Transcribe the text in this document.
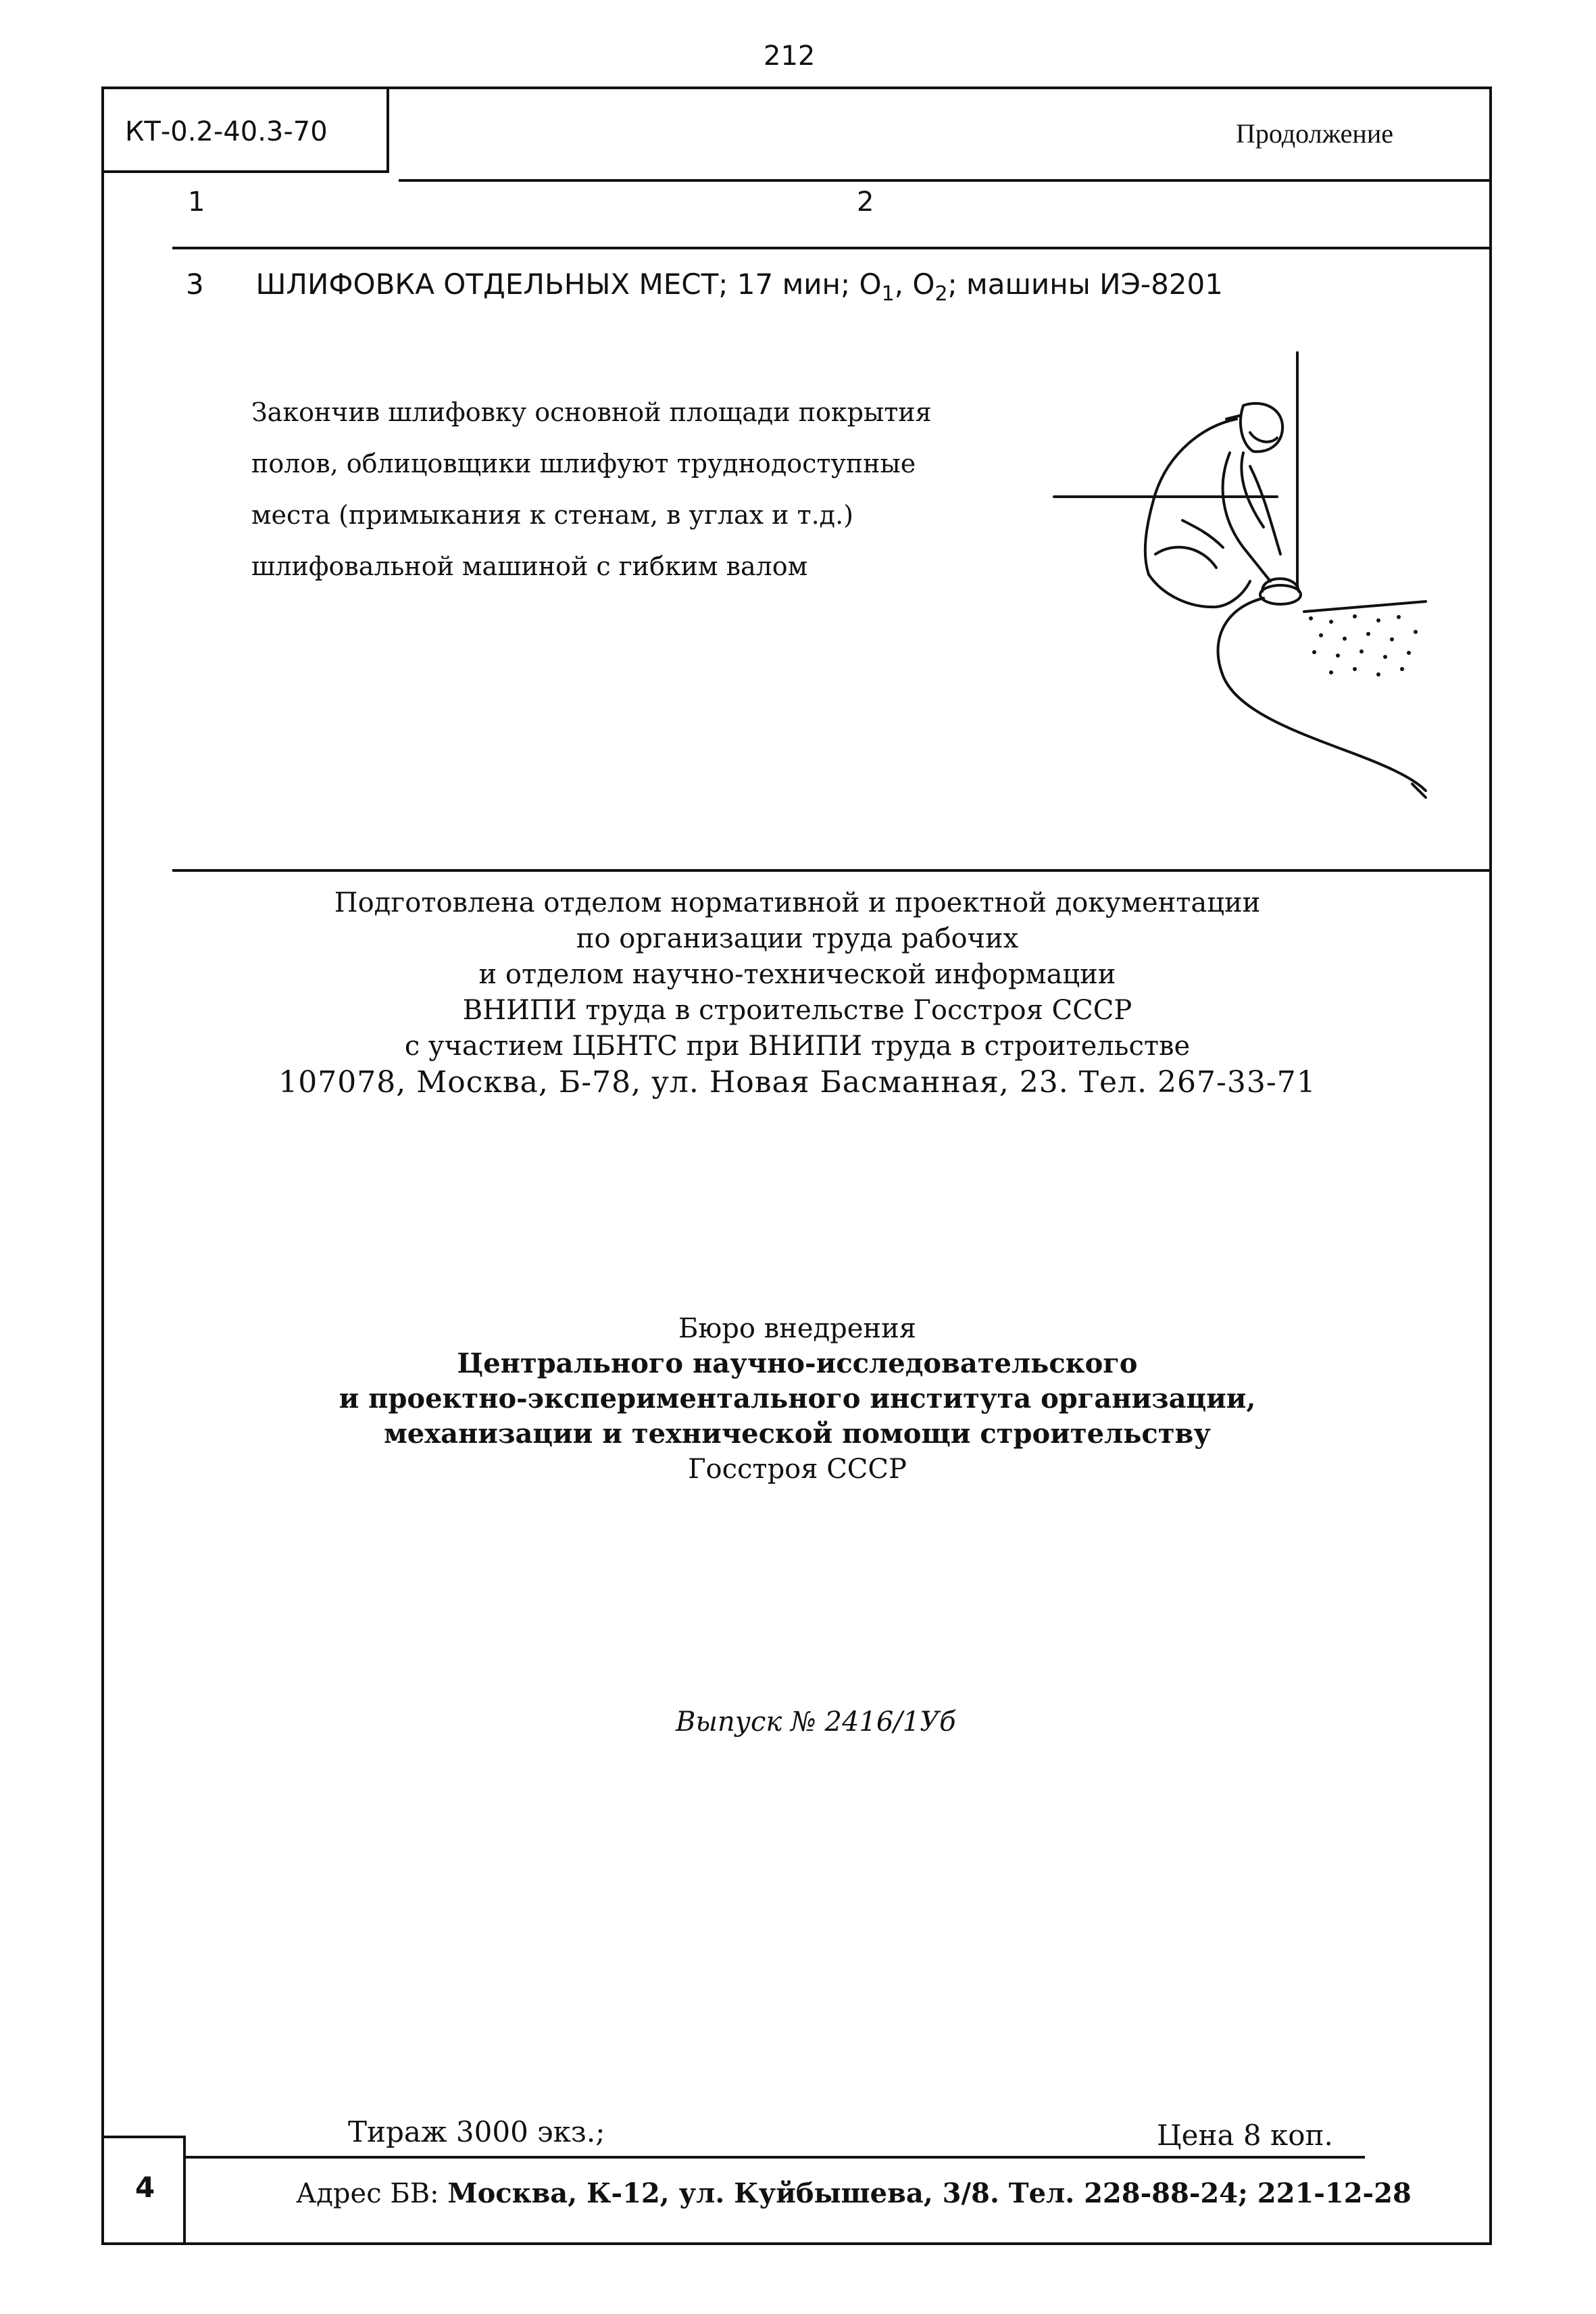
212
КТ-0.2-40.3-70	Продолжение
1	2
3 ШЛИФОВКА ОТДЕЛЬНЫХ МЕСТ; 17 мин; $О_1$, $О_2$; машины ИЭ-8201
Закончив шлифовку основной площади покрытия
полов, облицовщики шлифуют труднодоступные
места (примыкания к стенам, в углах и т.д.)
шлифовальной машиной с гибким валом
Подготовлена отделом нормативной и проектной документации
по организации труда рабочих
и отделом научно-технической информации
ВНИПИ труда в строительстве Госстроя СССР
с участием ЦБНТС при ВНИПИ труда в строительстве
107078, Москва, Б-78, ул. Новая Басманная, 23. Тел. 267-33-71
Бюро внедрения
Центрального научно-исследовательского
и проектно-экспериментального института организации,
механизации и технической помощи строительству
Госстроя СССР
Выпуск № 2416/1Уб
Тираж 3000 экз.;	Цена 8 коп.
4	Адрес БВ: Москва, К-12, ул. Куйбышева, 3/8. Тел. 228-88-24; 221-12-28
